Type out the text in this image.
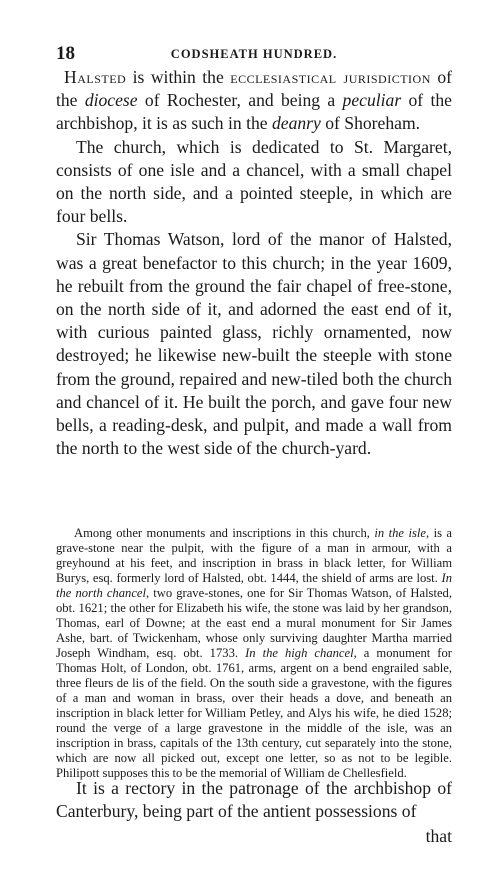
18	CODSHEATH HUNDRED.

Halsted is within the ecclesiastical jurisdiction of the diocese of Rochester, and being a peculiar of the archbishop, it is as such in the deanry of Shoreham.

The church, which is dedicated to St. Margaret, consists of one isle and a chancel, with a small chapel on the north side, and a pointed steeple, in which are four bells.

Sir Thomas Watson, lord of the manor of Halsted, was a great benefactor to this church; in the year 1609, he rebuilt from the ground the fair chapel of free-stone, on the north side of it, and adorned the east end of it, with curious painted glass, richly ornamented, now destroyed; he likewise new-built the steeple with stone from the ground, repaired and new-tiled both the church and chancel of it. He built the porch, and gave four new bells, a reading-desk, and pulpit, and made a wall from the north to the west side of the church-yard.

Among other monuments and inscriptions in this church, in the isle, is a grave-stone near the pulpit, with the figure of a man in armour, with a greyhound at his feet, and inscription in brass in black letter, for William Burys, esq. formerly lord of Halsted, obt. 1444, the shield of arms are lost. In the north chancel, two grave-stones, one for Sir Thomas Watson, of Halsted, obt. 1621; the other for Elizabeth his wife, the stone was laid by her grandson, Thomas, earl of Downe; at the east end a mural monument for Sir James Ashe, bart. of Twickenham, whose only surviving daughter Martha married Joseph Windham, esq. obt. 1733. In the high chancel, a monument for Thomas Holt, of London, obt. 1761, arms, argent on a bend engrailed sable, three fleurs de lis of the field. On the south side a gravestone, with the figures of a man and woman in brass, over their heads a dove, and beneath an inscription in black letter for William Petley, and Alys his wife, he died 1528; round the verge of a large gravestone in the middle of the isle, was an inscription in brass, capitals of the 13th century, cut separately into the stone, which are now all picked out, except one letter, so as not to be legible. Philipott supposes this to be the memorial of William de Chellesfield.

It is a rectory in the patronage of the archbishop of Canterbury, being part of the antient possessions of

that
